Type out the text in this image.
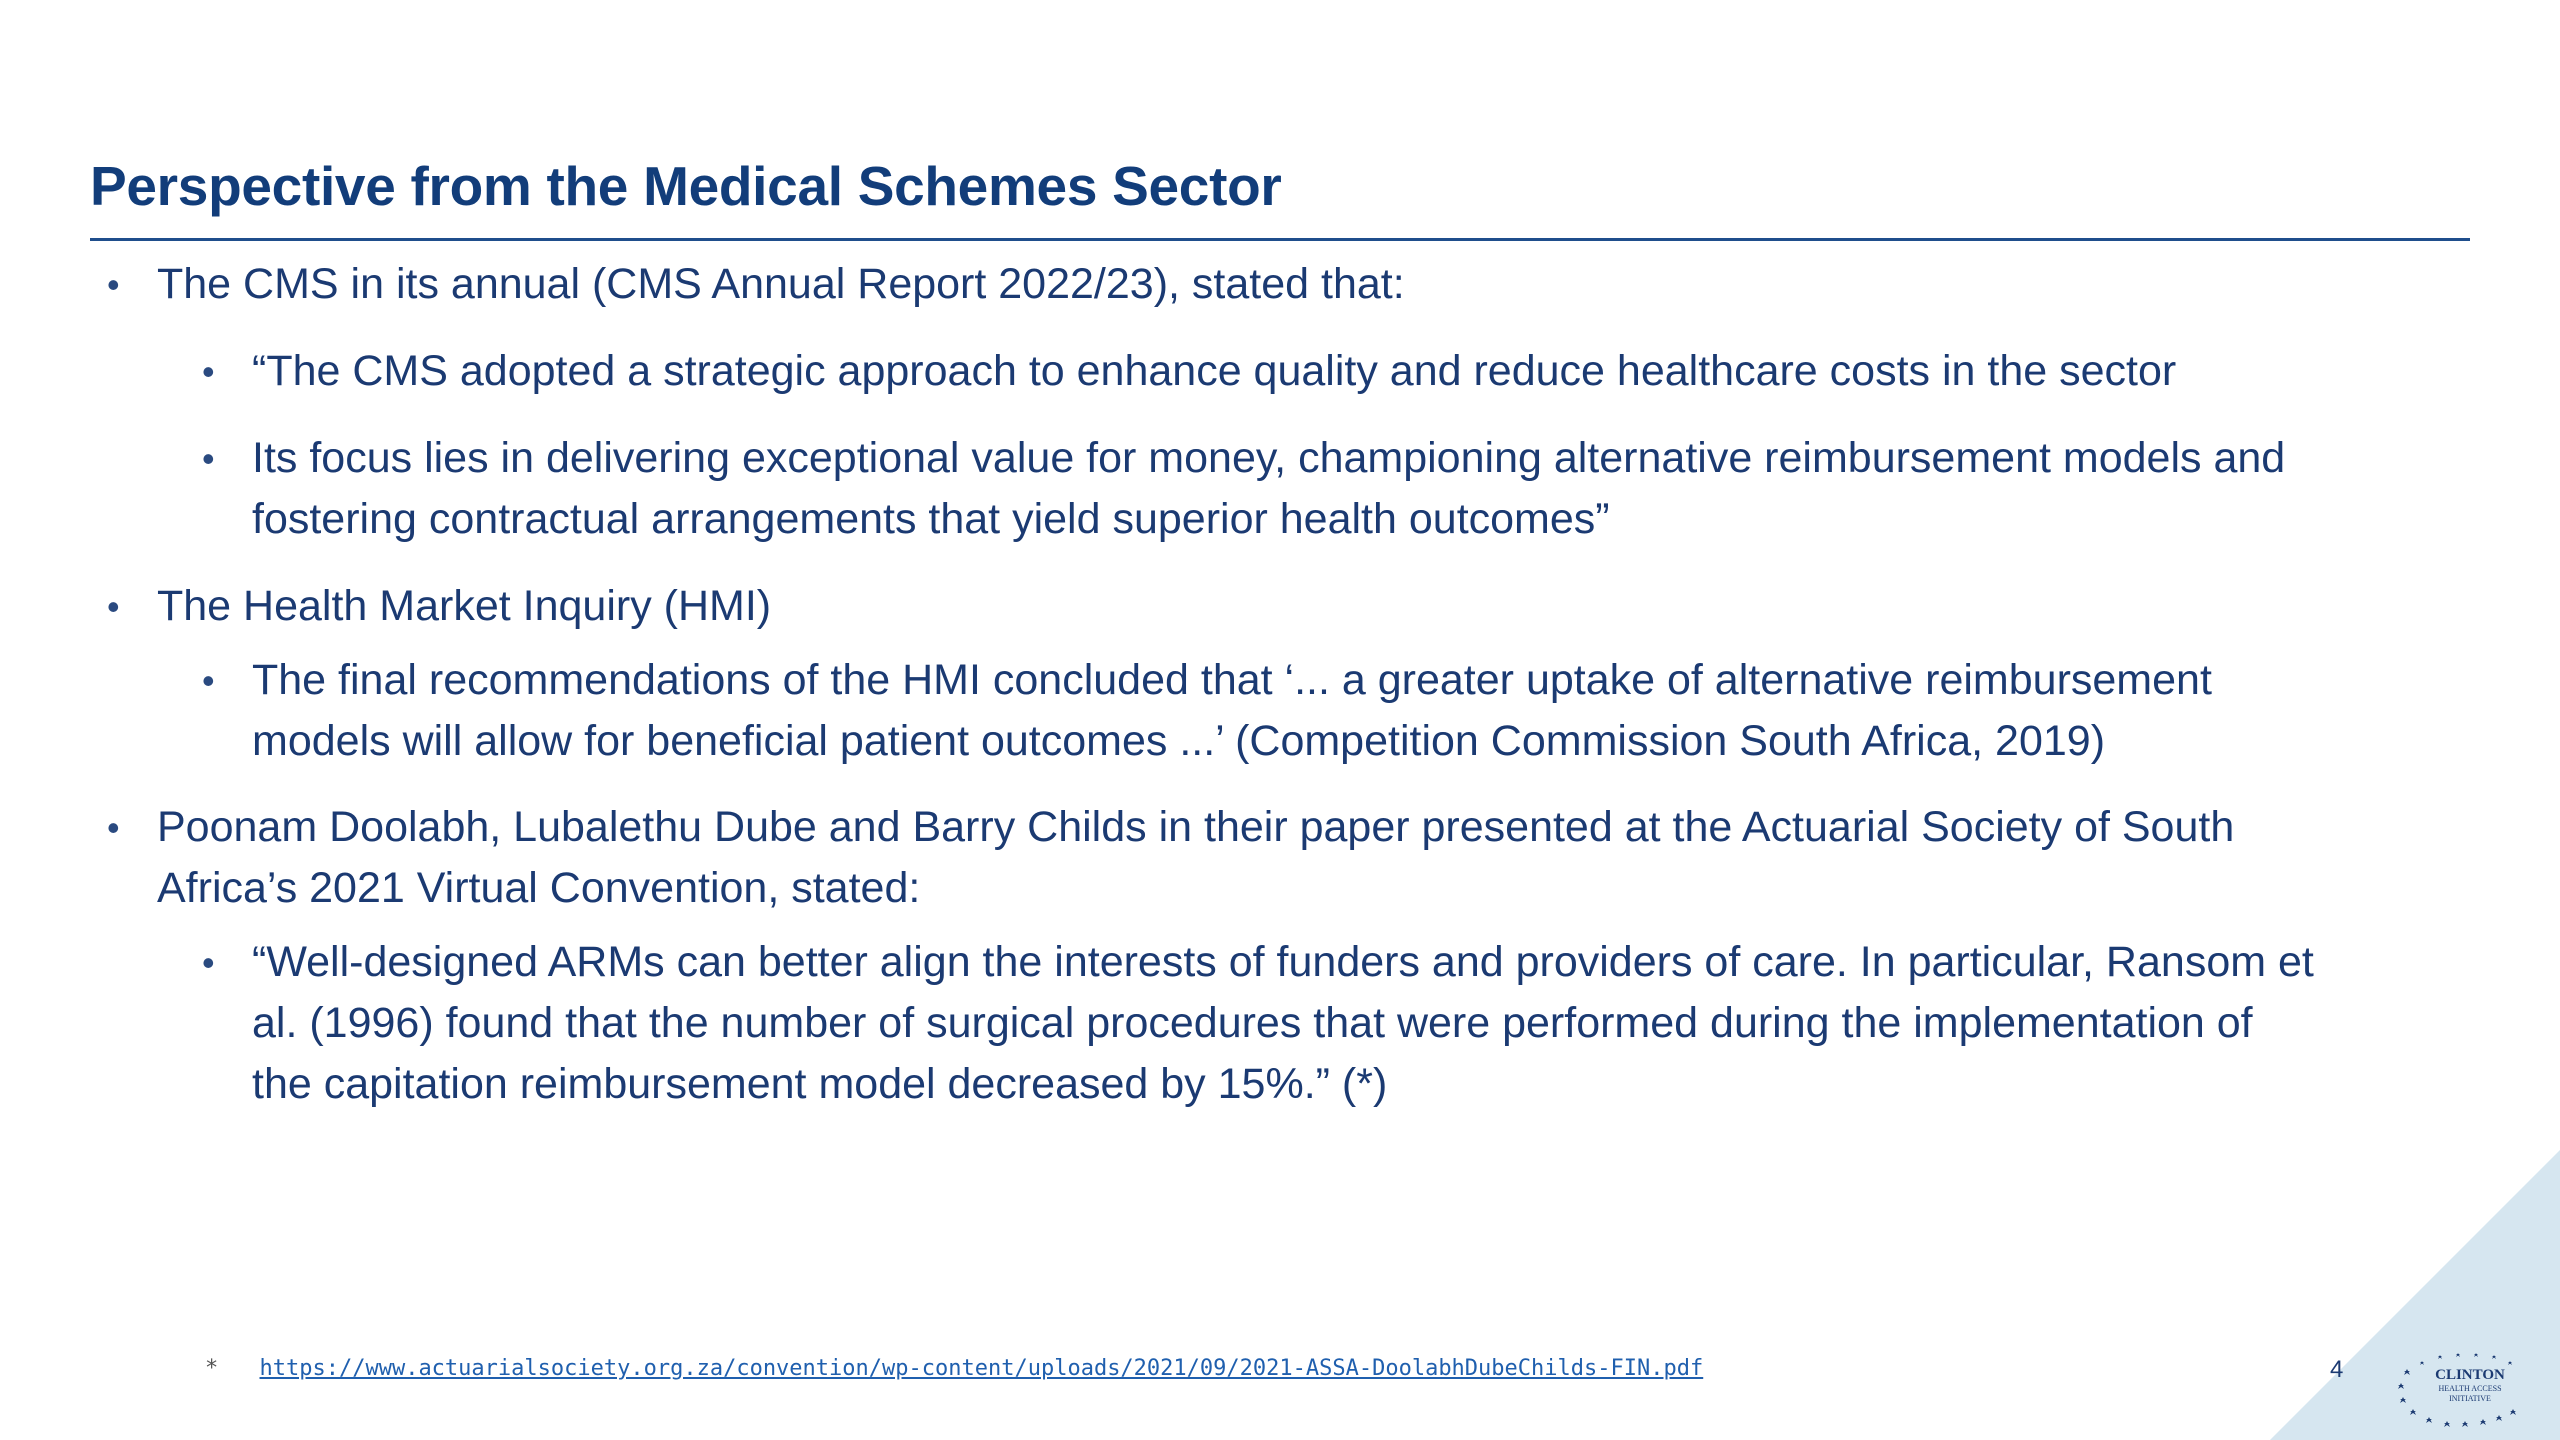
Perspective from the Medical Schemes Sector
• The CMS in its annual (CMS Annual Report 2022/23), stated that:
• “The CMS adopted a strategic approach to enhance quality and reduce healthcare costs in the sector
• Its focus lies in delivering exceptional value for money, championing alternative reimbursement models and
fostering contractual arrangements that yield superior health outcomes”
• The Health Market Inquiry (HMI)
• The final recommendations of the HMI concluded that ‘... a greater uptake of alternative reimbursement
models will allow for beneficial patient outcomes ...’ (Competition Commission South Africa, 2019)
• Poonam Doolabh, Lubalethu Dube and Barry Childs in their paper presented at the Actuarial Society of South
Africa’s 2021 Virtual Convention, stated:
• “Well-designed ARMs can better align the interests of funders and providers of care. In particular, Ransom et
al. (1996) found that the number of surgical procedures that were performed during the implementation of
the capitation reimbursement model decreased by 15%.” (*)
* https://www.actuarialsociety.org.za/convention/wp-content/uploads/2021/09/2021-ASSA-DoolabhDubeChilds-FIN.pdf	4	CLINTON
HEALTH ACCESS
INITIATIVE
